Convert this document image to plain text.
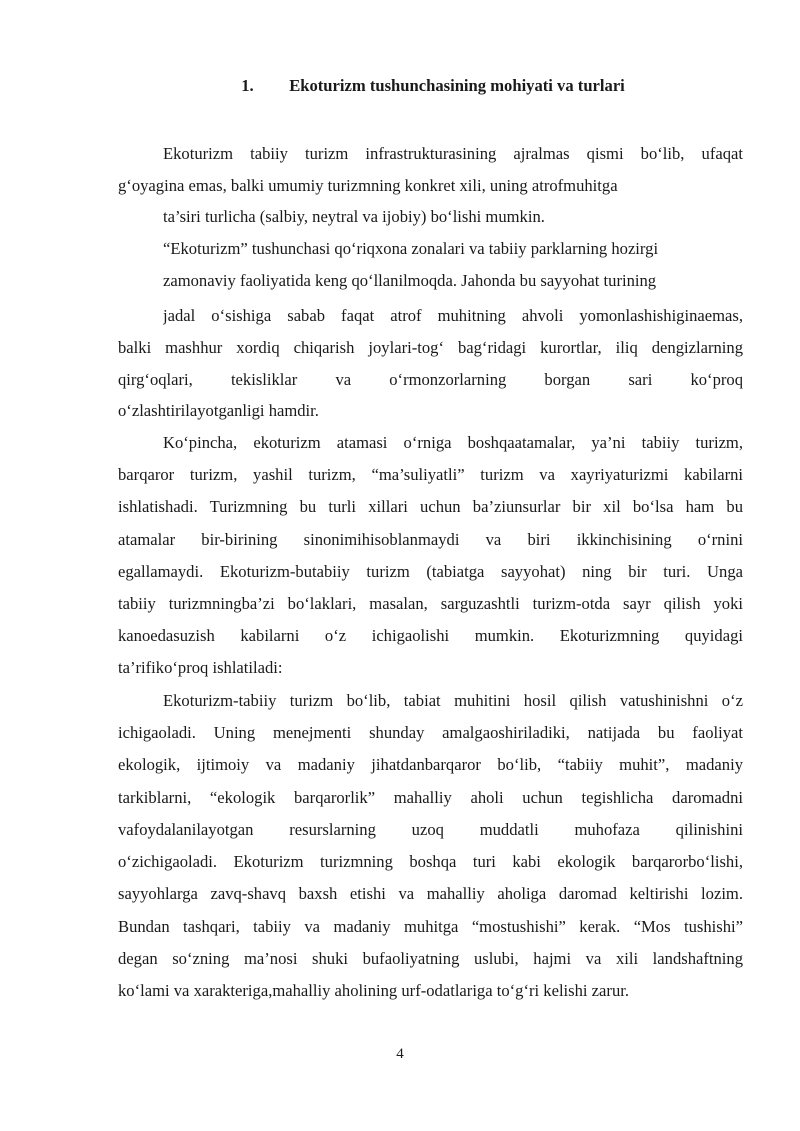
1. Ekoturizm tushunchasining mohiyati va turlari
Ekoturizm tabiiy turizm infrastrukturasining ajralmas qismi bo‘lib, ufaqat
g‘oyagina emas, balki umumiy turizmning konkret xili, uning atrofmuhitga
ta’siri turlicha (salbiy, neytral va ijobiy) bo‘lishi mumkin.
“Ekoturizm” tushunchasi qo‘riqxona zonalari va tabiiy parklarning hozirgi
zamonaviy faoliyatida keng qo‘llanilmoqda. Jahonda bu sayyohat turining
jadal o‘sishiga sabab faqat atrof muhitning ahvoli yomonlashishiginaemas,
balki mashhur xordiq chiqarish joylari-tog‘ bag‘ridagi kurortlar, iliq dengizlarning
qirg‘oqlari, tekisliklar va o‘rmonzorlarning borgan sari ko‘proq
o‘zlashtirilayotganligi hamdir.
Ko‘pincha, ekoturizm atamasi o‘rniga boshqaatamalar, ya’ni tabiiy turizm,
barqaror turizm, yashil turizm, “ma’suliyatli” turizm va xayriyaturizmi kabilarni
ishlatishadi. Turizmning bu turli xillari uchun ba’ziunsurlar bir xil bo‘lsa ham bu
atamalar bir-birining sinonimihisoblanmaydi va biri ikkinchisining o‘rnini
egallamaydi. Ekoturizm-butabiiy turizm (tabiatga sayyohat) ning bir turi. Unga
tabiiy turizmningba’zi bo‘laklari, masalan, sarguzashtli turizm-otda sayr qilish yoki
kanoedasuzish kabilarni o‘z ichigaolishi mumkin. Ekoturizmning quyidagi
ta’rifiko‘proq ishlatiladi:
Ekoturizm-tabiiy turizm bo‘lib, tabiat muhitini hosil qilish vatushinishni o‘z
ichigaoladi. Uning menejmenti shunday amalgaoshiriladiki, natijada bu faoliyat
ekologik, ijtimoiy va madaniy jihatdanbarqaror bo‘lib, “tabiiy muhit”, madaniy
tarkiblarni, “ekologik barqarorlik” mahalliy aholi uchun tegishlicha daromadni
vafoydalanilayotgan resurslarning uzoq muddatli muhofaza qilinishini
o‘zichigaoladi. Ekoturizm turizmning boshqa turi kabi ekologik barqarorbo‘lishi,
sayyohlarga zavq-shavq baxsh etishi va mahalliy aholiga daromad keltirishi lozim.
Bundan tashqari, tabiiy va madaniy muhitga “mostushishi” kerak. “Mos tushishi”
degan so‘zning ma’nosi shuki bufaoliyatning uslubi, hajmi va xili landshaftning
ko‘lami va xarakteriga,mahalliy aholining urf-odatlariga to‘g‘ri kelishi zarur.
4
